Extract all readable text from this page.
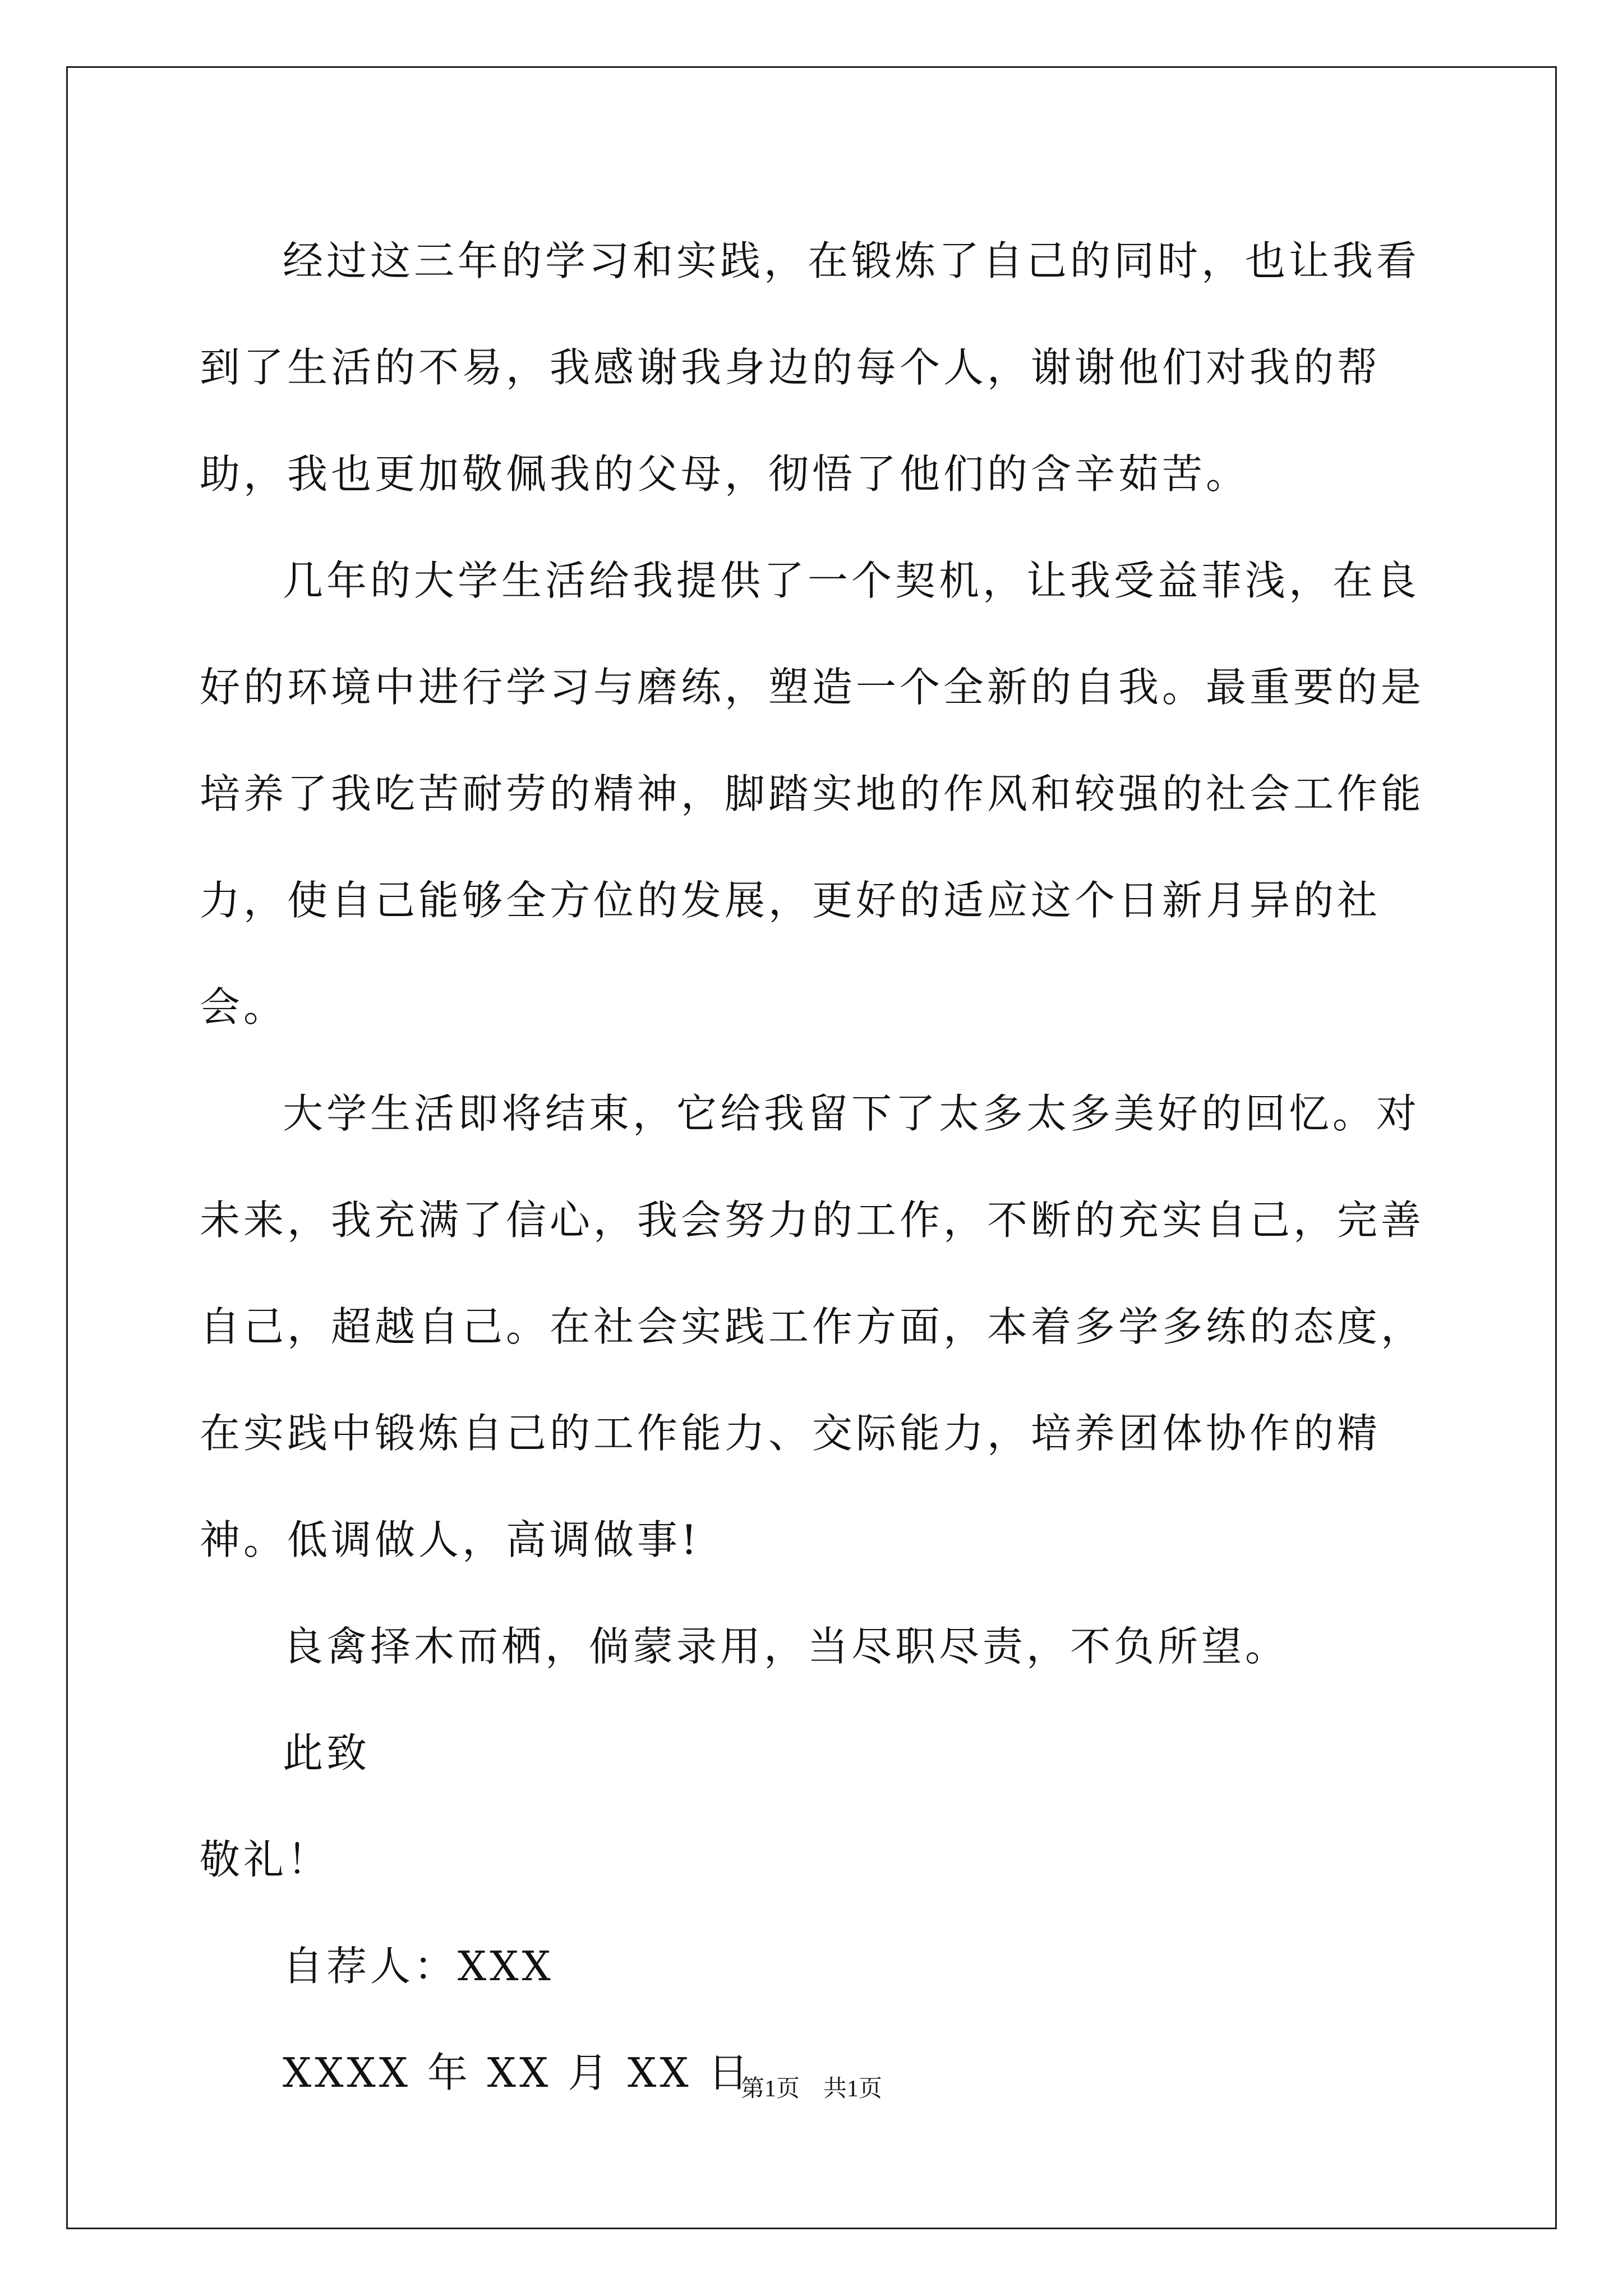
经过这三年的学习和实践，在锻炼了自己的同时，也让我看到了生活的不易，我感谢我身边的每个人，谢谢他们对我的帮助，我也更加敬佩我的父母，彻悟了他们的含辛茹苦。

几年的大学生活给我提供了一个契机，让我受益菲浅，在良好的环境中进行学习与磨练，塑造一个全新的自我。最重要的是培养了我吃苦耐劳的精神，脚踏实地的作风和较强的社会工作能力，使自己能够全方位的发展，更好的适应这个日新月异的社会。

大学生活即将结束，它给我留下了太多太多美好的回忆。对未来，我充满了信心，我会努力的工作，不断的充实自己，完善自己，超越自己。在社会实践工作方面，本着多学多练的态度，在实践中锻炼自己的工作能力、交际能力，培养团体协作的精神。低调做人，高调做事!

良禽择木而栖，倘蒙录用，当尽职尽责，不负所望。

此致

敬礼！

自荐人：XXX

XXXX 年 XX 月 XX 日

第1页　共1页
